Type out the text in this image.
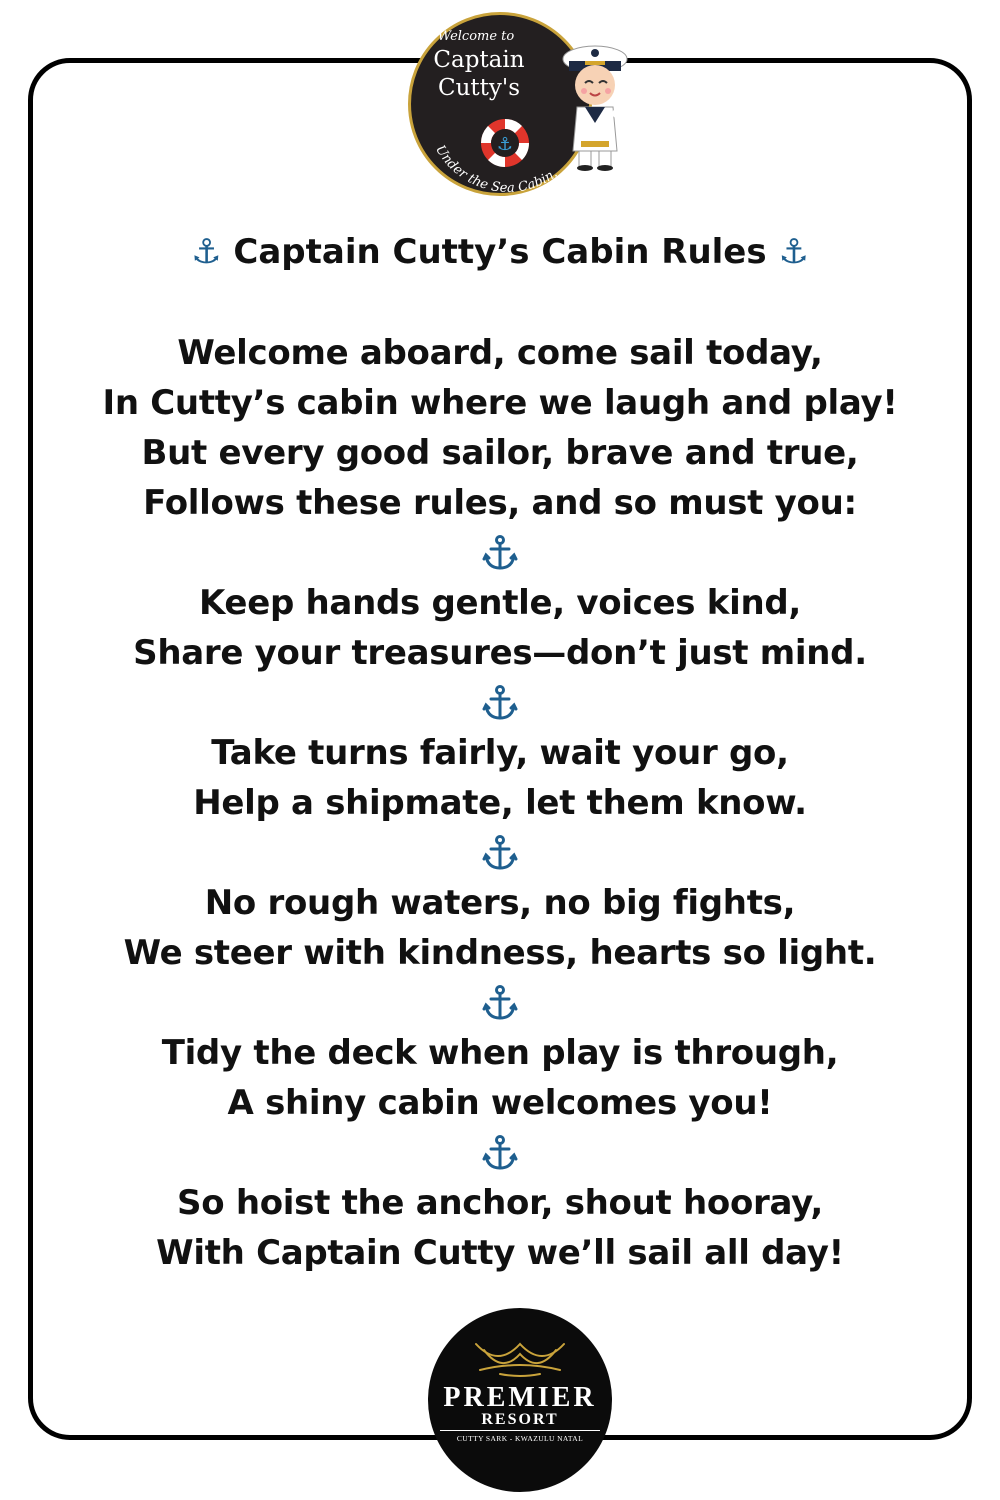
Welcome to
Captain
Cutty's
⚓
Under the Sea Cabin.
⚓ Captain Cutty’s Cabin Rules ⚓
Welcome aboard, come sail today,
In Cutty’s cabin where we laugh and play!
But every good sailor, brave and true,
Follows these rules, and so must you:
Keep hands gentle, voices kind,
Share your treasures—don’t just mind.
Take turns fairly, wait your go,
Help a shipmate, let them know.
No rough waters, no big fights,
We steer with kindness, hearts so light.
Tidy the deck when play is through,
A shiny cabin welcomes you!
So hoist the anchor, shout hooray,
With Captain Cutty we’ll sail all day!
PREMIER
RESORT
CUTTY SARK - KWAZULU NATAL
